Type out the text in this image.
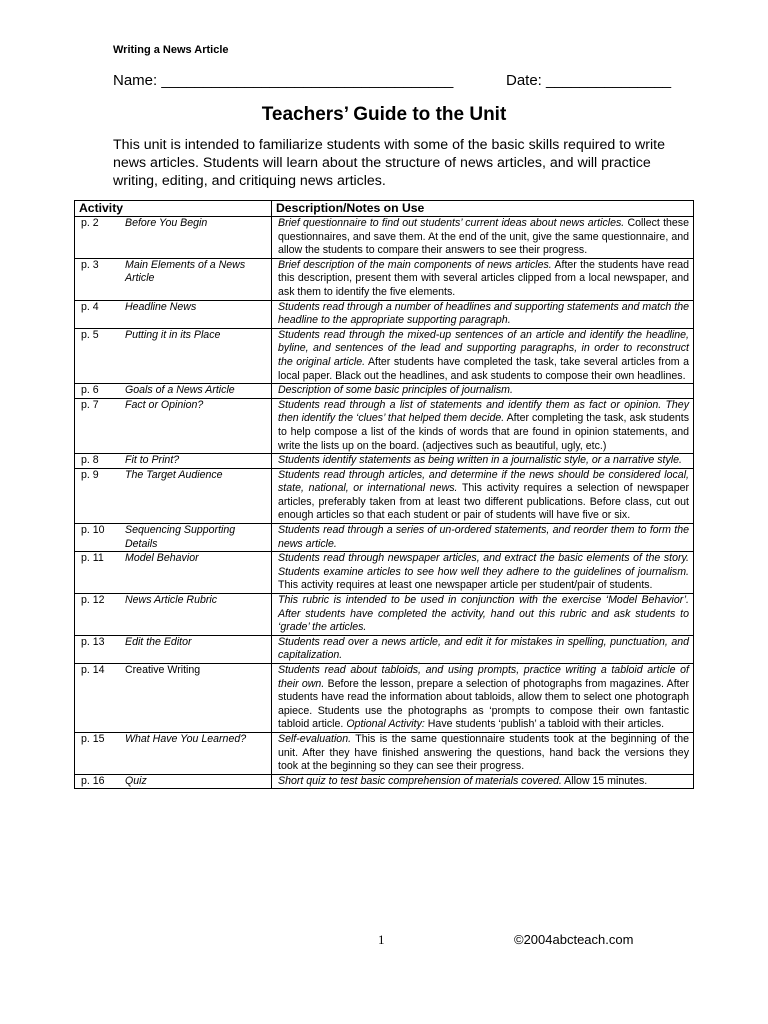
Writing a News Article
Name: ___________________________________	Date: _______________
Teachers’ Guide to the Unit
This unit is intended to familiarize students with some of the basic skills required to write news articles. Students will learn about the structure of news articles, and will practice writing, editing, and critiquing news articles.
Activity	Description/Notes on Use
p. 2 Before You Begin	Brief questionnaire to find out students’ current ideas about news articles. Collect these questionnaires, and save them. At the end of the unit, give the same questionnaire, and allow the students to compare their answers to see their progress.
p. 3 Main Elements of a News Article	Brief description of the main components of news articles. After the students have read this description, present them with several articles clipped from a local newspaper, and ask them to identify the five elements.
p. 4 Headline News	Students read through a number of headlines and supporting statements and match the headline to the appropriate supporting paragraph.
p. 5 Putting it in its Place	Students read through the mixed-up sentences of an article and identify the headline, byline, and sentences of the lead and supporting paragraphs, in order to reconstruct the original article. After students have completed the task, take several articles from a local paper. Black out the headlines, and ask students to compose their own headlines.
p. 6 Goals of a News Article	Description of some basic principles of journalism.
p. 7 Fact or Opinion?	Students read through a list of statements and identify them as fact or opinion. They then identify the ‘clues’ that helped them decide. After completing the task, ask students to help compose a list of the kinds of words that are found in opinion statements, and write the lists up on the board. (adjectives such as beautiful, ugly, etc.)
p. 8 Fit to Print?	Students identify statements as being written in a journalistic style, or a narrative style.
p. 9 The Target Audience	Students read through articles, and determine if the news should be considered local, state, national, or international news. This activity requires a selection of newspaper articles, preferably taken from at least two different publications. Before class, cut out enough articles so that each student or pair of students will have five or six.
p. 10 Sequencing Supporting Details	Students read through a series of un-ordered statements, and reorder them to form the news article.
p. 11 Model Behavior	Students read through newspaper articles, and extract the basic elements of the story. Students examine articles to see how well they adhere to the guidelines of journalism. This activity requires at least one newspaper article per student/pair of students.
p. 12 News Article Rubric	This rubric is intended to be used in conjunction with the exercise ‘Model Behavior’. After students have completed the activity, hand out this rubric and ask students to ‘grade’ the articles.
p. 13 Edit the Editor	Students read over a news article, and edit it for mistakes in spelling, punctuation, and capitalization.
p. 14 Creative Writing	Students read about tabloids, and using prompts, practice writing a tabloid article of their own. Before the lesson, prepare a selection of photographs from magazines. After students have read the information about tabloids, allow them to select one photograph apiece. Students use the photographs as ‘prompts to compose their own fantastic tabloid article. Optional Activity: Have students ‘publish’ a tabloid with their articles.
p. 15 What Have You Learned?	Self-evaluation. This is the same questionnaire students took at the beginning of the unit. After they have finished answering the questions, hand back the versions they took at the beginning so they can see their progress.
p. 16 Quiz	Short quiz to test basic comprehension of materials covered. Allow 15 minutes.
1	©2004abcteach.com
